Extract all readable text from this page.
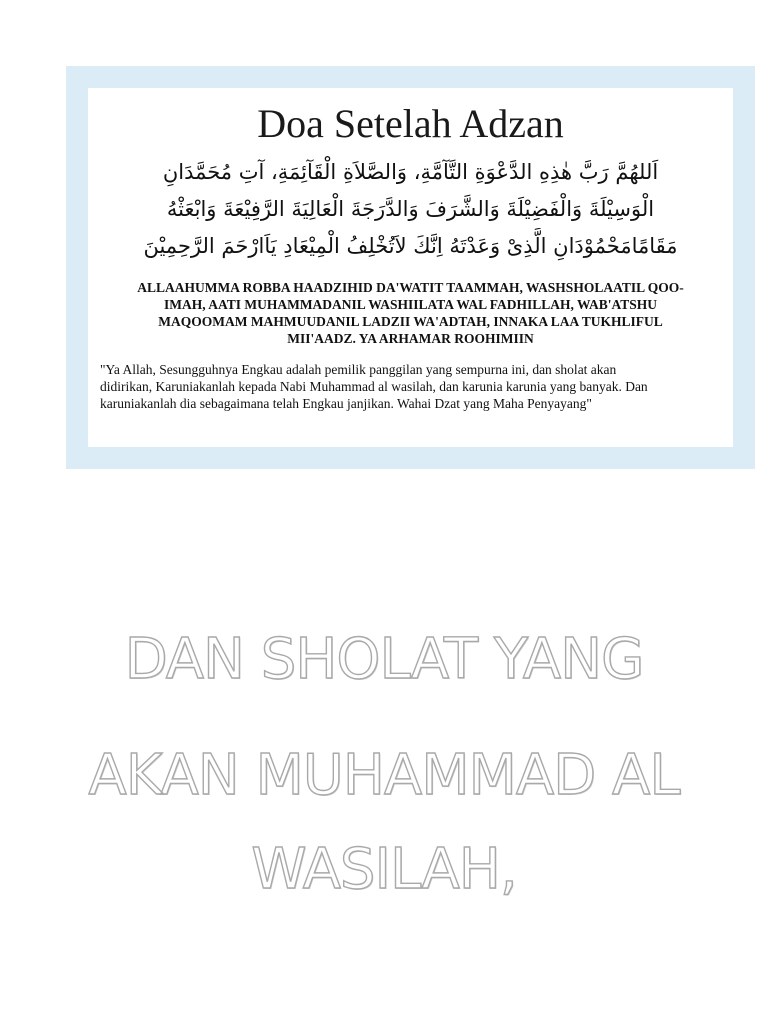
Doa Setelah Adzan
اَللهُمَّ رَبَّ هٰذِهِ الدَّعْوَةِ التَّآمَّةِ، وَالصَّلاَةِ الْقَآئِمَةِ، آتِ مُحَمَّدَانِ
الْوَسِيْلَةَ وَالْفَضِيْلَةَ وَالشَّرَفَ وَالدَّرَجَةَ الْعَالِيَةَ الرَّفِيْعَةَ وَابْعَثْهُ
مَقَامًامَحْمُوْدَانِ الَّذِىْ وَعَدْتَهُ اِنَّكَ لاَتُخْلِفُ الْمِيْعَادِ يَاَارْحَمَ الرَّحِمِيْنَ
ALLAAHUMMA ROBBA HAADZIHID DA'WATIT TAAMMAH, WASHSHOLAATIL QOO-
IMAH, AATI MUHAMMADANIL WASHIILATA WAL FADHILLAH, WAB'ATSHU
MAQOOMAM MAHMUUDANIL LADZII WA'ADTAH, INNAKA LAA TUKHLIFUL
MII'AADZ. YA ARHAMAR ROOHIMIIN
"Ya Allah, Sesungguhnya Engkau adalah pemilik panggilan yang sempurna ini, dan sholat akan
didirikan, Karuniakanlah kepada Nabi Muhammad al wasilah, dan karunia karunia yang banyak. Dan
karuniakanlah dia sebagaimana telah Engkau janjikan. Wahai Dzat yang Maha Penyayang"
DAN SHOLAT YANG
AKAN MUHAMMAD AL
WASILAH,
